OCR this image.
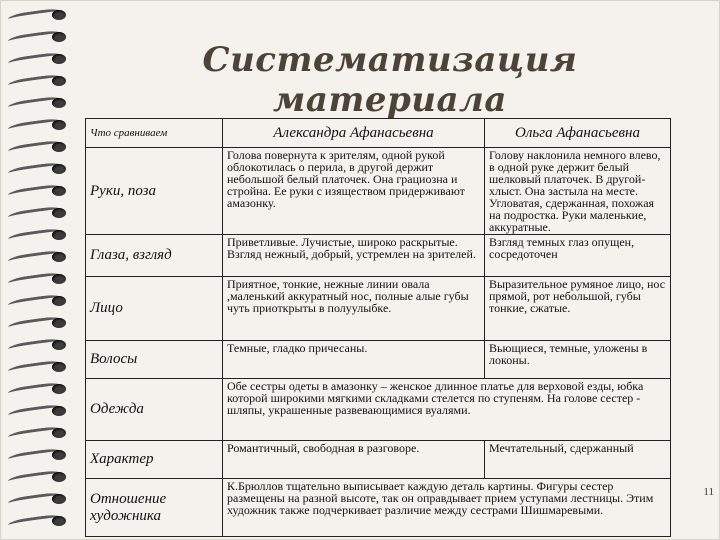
Систематизация материала
Что сравниваем	Александра Афанасьевна	Ольга Афанасьевна
Руки, поза	Голова повернута к зрителям, одной рукой облокотилась о перила, в другой держит небольшой белый платочек. Она грациозна и стройна. Ее руки с изяществом придерживают амазонку.	Голову наклонила немного влево, в одной руке держит белый шелковый платочек. В другой-хлыст. Она застыла на месте. Угловатая, сдержанная, похожая на подростка. Руки маленькие, аккуратные.
Глаза, взгляд	Приветливые. Лучистые, широко раскрытые. Взгляд нежный, добрый, устремлен на зрителей.	Взгляд темных глаз опущен, сосредоточен
Лицо	Приятное, тонкие, нежные линии овала ,маленький аккуратный нос, полные алые губы чуть приоткрыты в полуулыбке.	Выразительное румяное лицо, нос прямой, рот небольшой, губы тонкие, сжатые.
Волосы	Темные, гладко причесаны.	Вьющиеся, темные, уложены в локоны.
Одежда	Обе сестры одеты в амазонку – женское длинное платье для верховой езды, юбка которой широкими мягкими складками стелется по ступеням. На голове сестер - шляпы, украшенные развевающимися вуалями.	
Характер	Романтичный, свободная в разговоре.	Мечтательный, сдержанный
Отношение художника	К.Брюллов тщательно выписывает каждую деталь картины. Фигуры сестер размещены на разной высоте, так он оправдывает прием уступами лестницы. Этим художник также подчеркивает различие между сестрами Шишмаревыми.	
11
